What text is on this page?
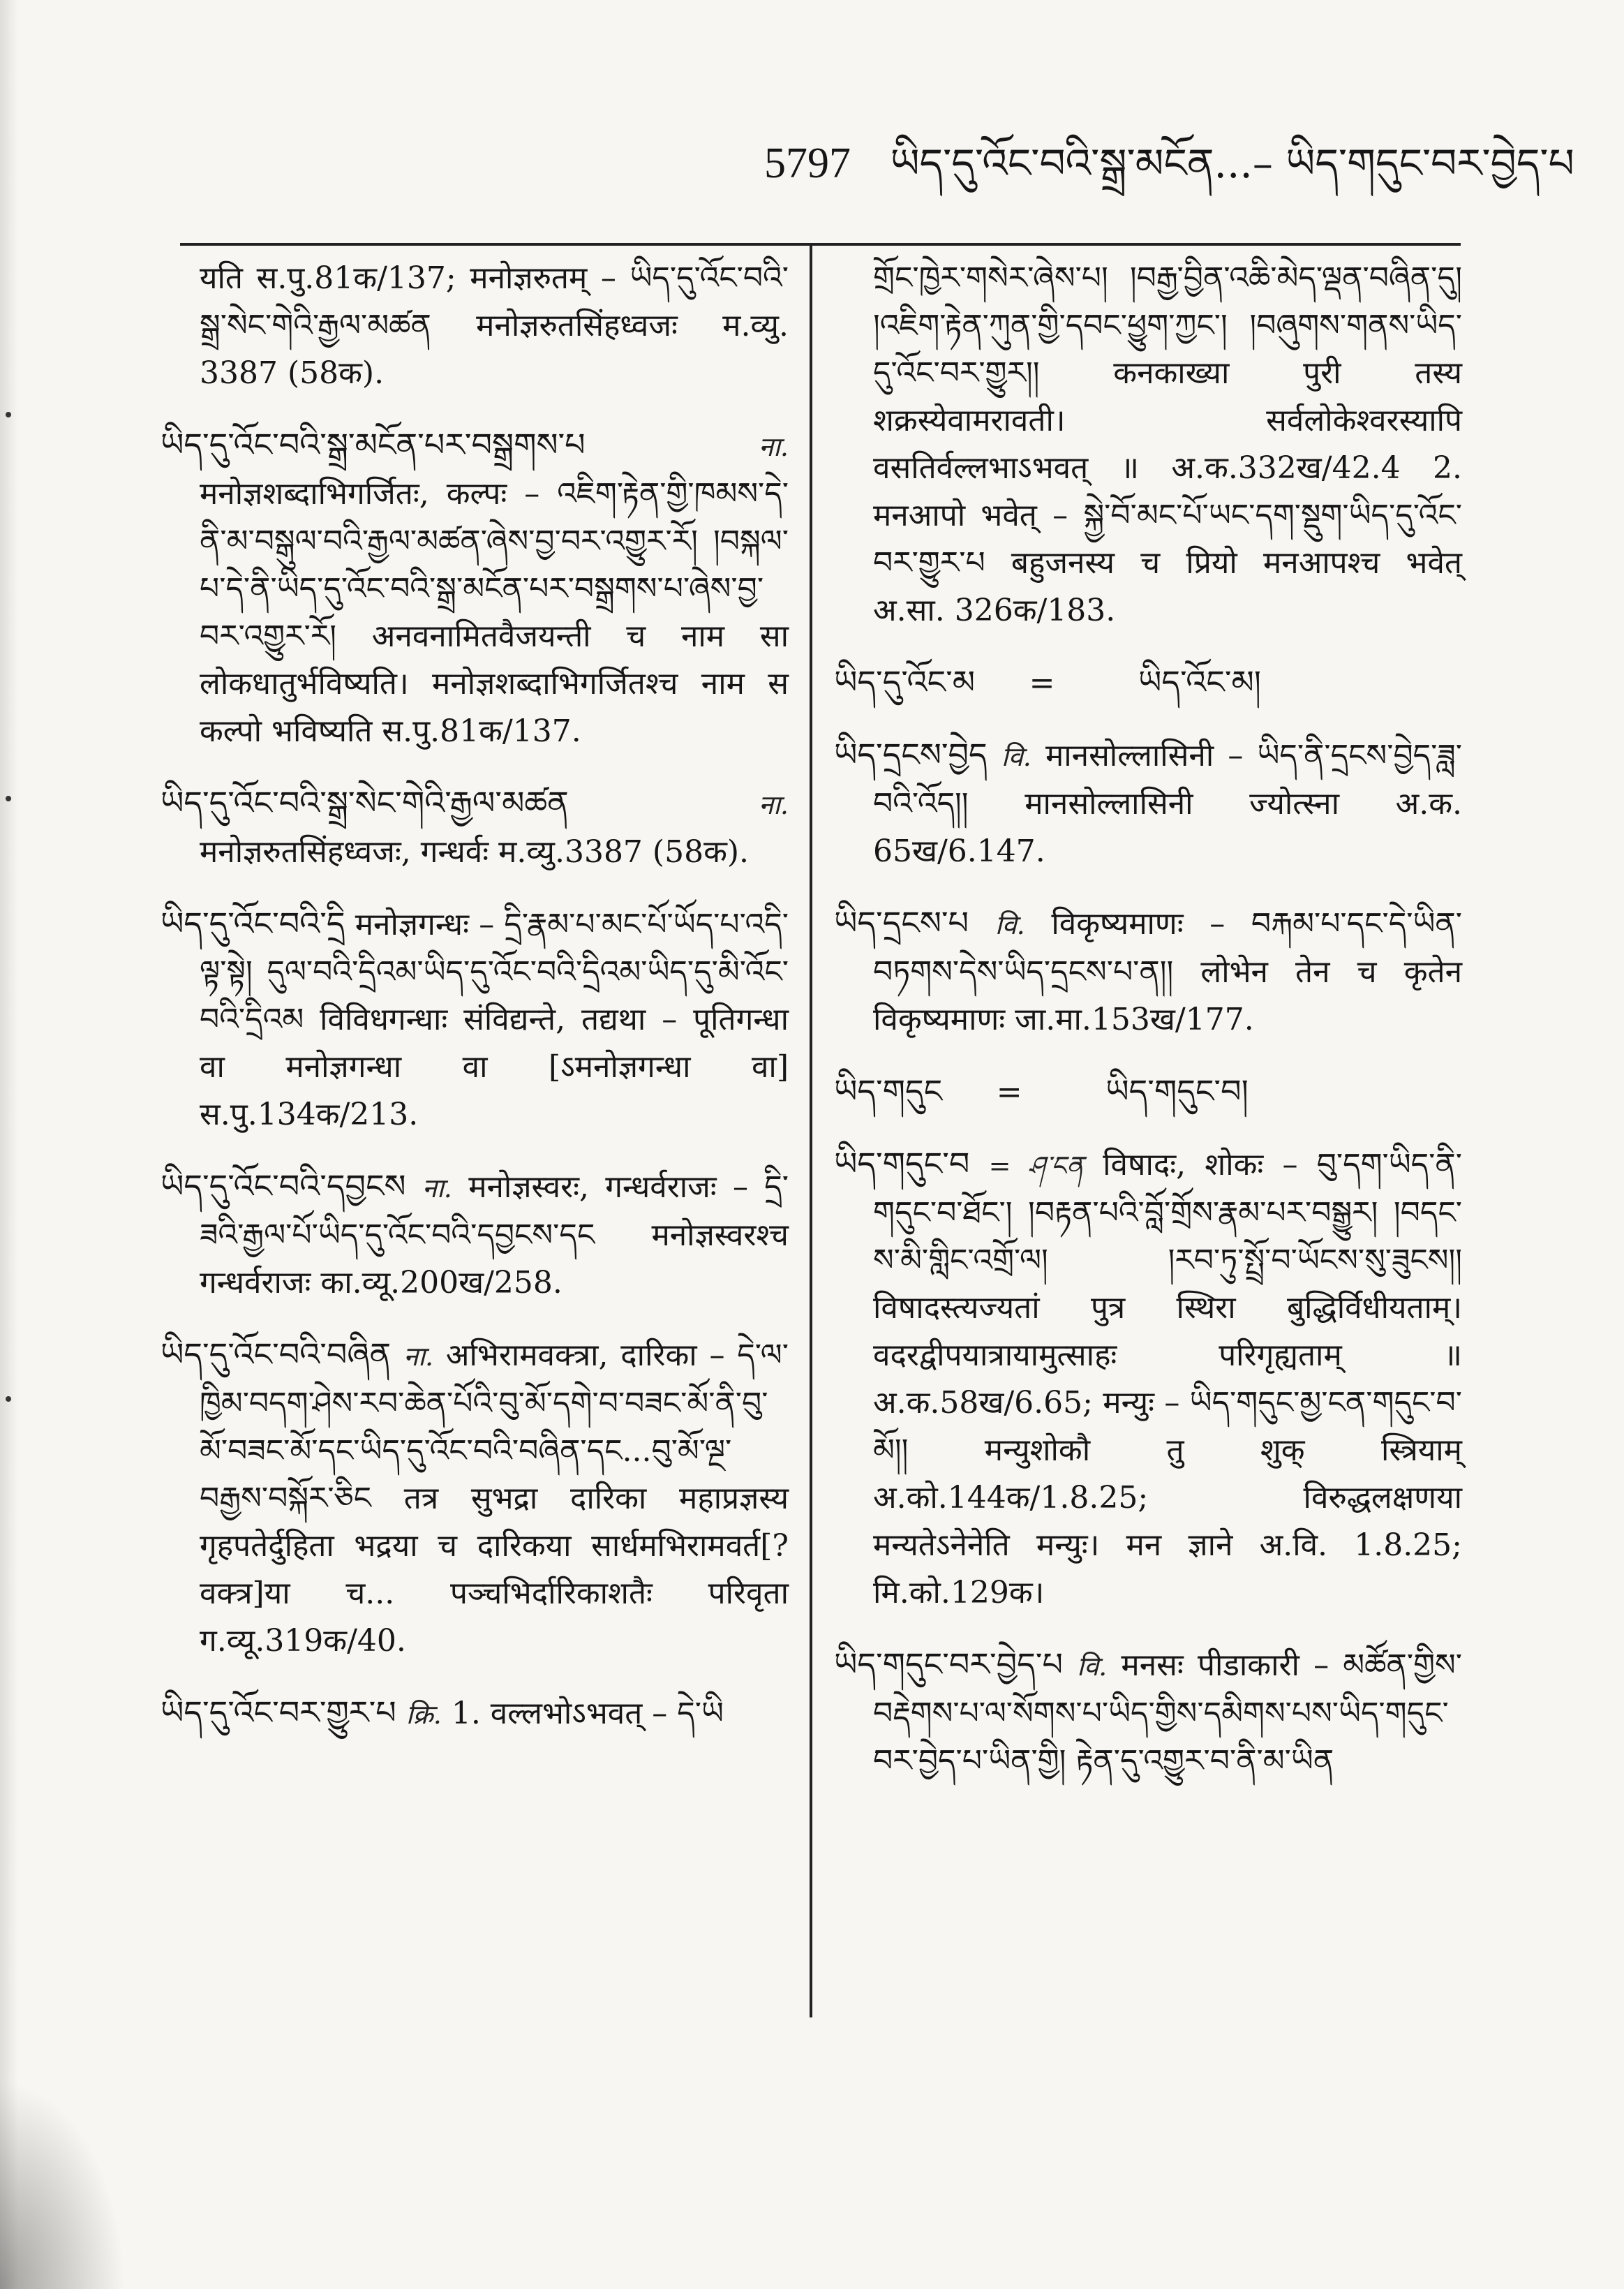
5797 ཡིད་དུ་འོང་བའི་སྒྲ་མངོན...– ཡིད་གདུང་བར་བྱེད་པ
यति स.पु.81क/137; मनोज्ञरुतम् – ཡིད་དུ་འོང་བའི་སྒྲ་སེང་གེའི་རྒྱལ་མཚན मनोज्ञरुतसिंहध्वजः म.व्यु. 3387 (58क).
ཡིད་དུ་འོང་བའི་སྒྲ་མངོན་པར་བསྒྲགས་པ	ना. मनोज्ञशब्दाभिगर्जितः, कल्पः – འཇིག་རྟེན་གྱི་ཁམས་དེ་ནི་མ་བསྒུལ་བའི་རྒྱལ་མཚན་ཞེས་བྱ་བར་འགྱུར་རོ། །བསྐལ་པ་དེ་ནི་ཡིད་དུ་འོང་བའི་སྒྲ་མངོན་པར་བསྒྲགས་པ་ཞེས་བྱ་བར་འགྱུར་རོ། अनवनामितवैजयन्ती च नाम सा लोकधातुर्भविष्यति। मनोज्ञशब्दाभिगर्जितश्च नाम स कल्पो भविष्यति स.पु.81क/137.
ཡིད་དུ་འོང་བའི་སྒྲ་སེང་གེའི་རྒྱལ་མཚན	ना. मनोज्ञरुतसिंहध्वजः, गन्धर्वः म.व्यु.3387 (58क).
ཡིད་དུ་འོང་བའི་དྲི मनोज्ञगन्धः – དྲི་རྣམ་པ་མང་པོ་ཡོད་པ་འདི་ལྟ་སྟེ། དུལ་བའི་དྲིའམ་ཡིད་དུ་འོང་བའི་དྲིའམ་ཡིད་དུ་མི་འོང་བའི་དྲིའམ विविधगन्धाः संविद्यन्ते, तद्यथा – पूतिगन्धा वा मनोज्ञगन्धा वा [ऽमनोज्ञगन्धा वा] स.पु.134क/213.
ཡིད་དུ་འོང་བའི་དབྱངས ना. मनोज्ञस्वरः, गन्धर्वराजः – དྲི་ཟའི་རྒྱལ་པོ་ཡིད་དུ་འོང་བའི་དབྱངས་དང मनोज्ञस्वरश्च गन्धर्वराजः का.व्यू.200ख/258.
ཡིད་དུ་འོང་བའི་བཞིན ना. अभिरामवक्त्रा, दारिका – དེ་ལ་ཁྱིམ་བདག་ཤེས་རབ་ཆེན་པོའི་བུ་མོ་དགེ་བ་བཟང་མོ་ནི་བུ་མོ་བཟང་མོ་དང་ཡིད་དུ་འོང་བའི་བཞིན་དང...བུ་མོ་ལྔ་བརྒྱས་བསྐོར་ཅིང तत्र सुभद्रा दारिका महाप्रज्ञस्य गृहपतेर्दुहिता भद्रया च दारिकया सार्धमभिरामवर्त[?वक्त्र]या च... पञ्चभिर्दारिकाशतैः परिवृता ग.व्यू.319क/40.
ཡིད་དུ་འོང་བར་གྱུར་པ क्रि. 1. वल्लभोऽभवत् – དེ་ཡི
གྲོང་ཁྱེར་གསེར་ཞེས་པ། །བརྒྱ་བྱིན་འཆི་མེད་ལྡན་བཞིན་དུ། །འཇིག་རྟེན་ཀུན་གྱི་དབང་ཕྱུག་ཀྱང་། །བཞུགས་གནས་ཡིད་དུ་འོང་བར་གྱུར།། कनकाख्या पुरी तस्य शक्रस्येवामरावती। सर्वलोकेश्वरस्यापि वसतिर्वल्लभाऽभवत् ॥ अ.क.332ख/42.4 2. मनआपो भवेत् – སྐྱེ་བོ་མང་པོ་ཡང་དག་སྡུག་ཡིད་དུ་འོང་བར་གྱུར་པ बहुजनस्य च प्रियो मनआपश्च भवेत् अ.सा. 326क/183.
ཡིད་དུ་འོང་མ =	ཡིད་འོང་མ།
ཡིད་དྲངས་བྱེད वि. मानसोल्लासिनी – ཡིད་ནི་དྲངས་བྱེད་ཟླ་བའི་འོད།། मानसोल्लासिनी ज्योत्स्ना अ.क. 65ख/6.147.
ཡིད་དྲངས་པ वि. विकृष्यमाणः – བརྐམ་པ་དང་དེ་ཡིན་བཏགས་དེས་ཡིད་དྲངས་པ་ན།། लोभेन तेन च कृतेन विकृष्यमाणः जा.मा.153ख/177.
ཡིད་གདུང =	ཡིད་གདུང་བ།
ཡིད་གདུང་བ = ཤ་ངན विषादः, शोकः – བུ་དག་ཡིད་ནི་གདུང་བ་ཐོང་། །བརྟན་པའི་བློ་གྲོས་རྣམ་པར་བསྒྱུར། །བདང་ས་མི་གླིང་འགྲོ་ལ། །རབ་ཏུ་སྤྲོ་བ་ཡོངས་སུ་ཟུངས།། विषादस्त्यज्यतां पुत्र स्थिरा बुद्धिर्विधीयताम्। वदरद्वीपयात्रायामुत्साहः परिगृह्यताम् ॥ अ.क.58ख/6.65; मन्युः – ཡིད་གདུང་མྱ་ངན་གདུང་བ་མོ།། मन्युशोकौ तु शुक् स्त्रियाम् अ.को.144क/1.8.25; विरुद्धलक्षणया मन्यतेऽनेनेति मन्युः। मन ज्ञाने अ.वि. 1.8.25; मि.को.129क।
ཡིད་གདུང་བར་བྱེད་པ वि. मनसः पीडाकारी – མཚོན་གྱིས་བརྡེགས་པ་ལ་སོགས་པ་ཡིད་གྱིས་དམིགས་པས་ཡིད་གདུང་བར་བྱེད་པ་ཡིན་གྱི། རྟེན་དུ་འགྱུར་བ་ནི་མ་ཡིན
